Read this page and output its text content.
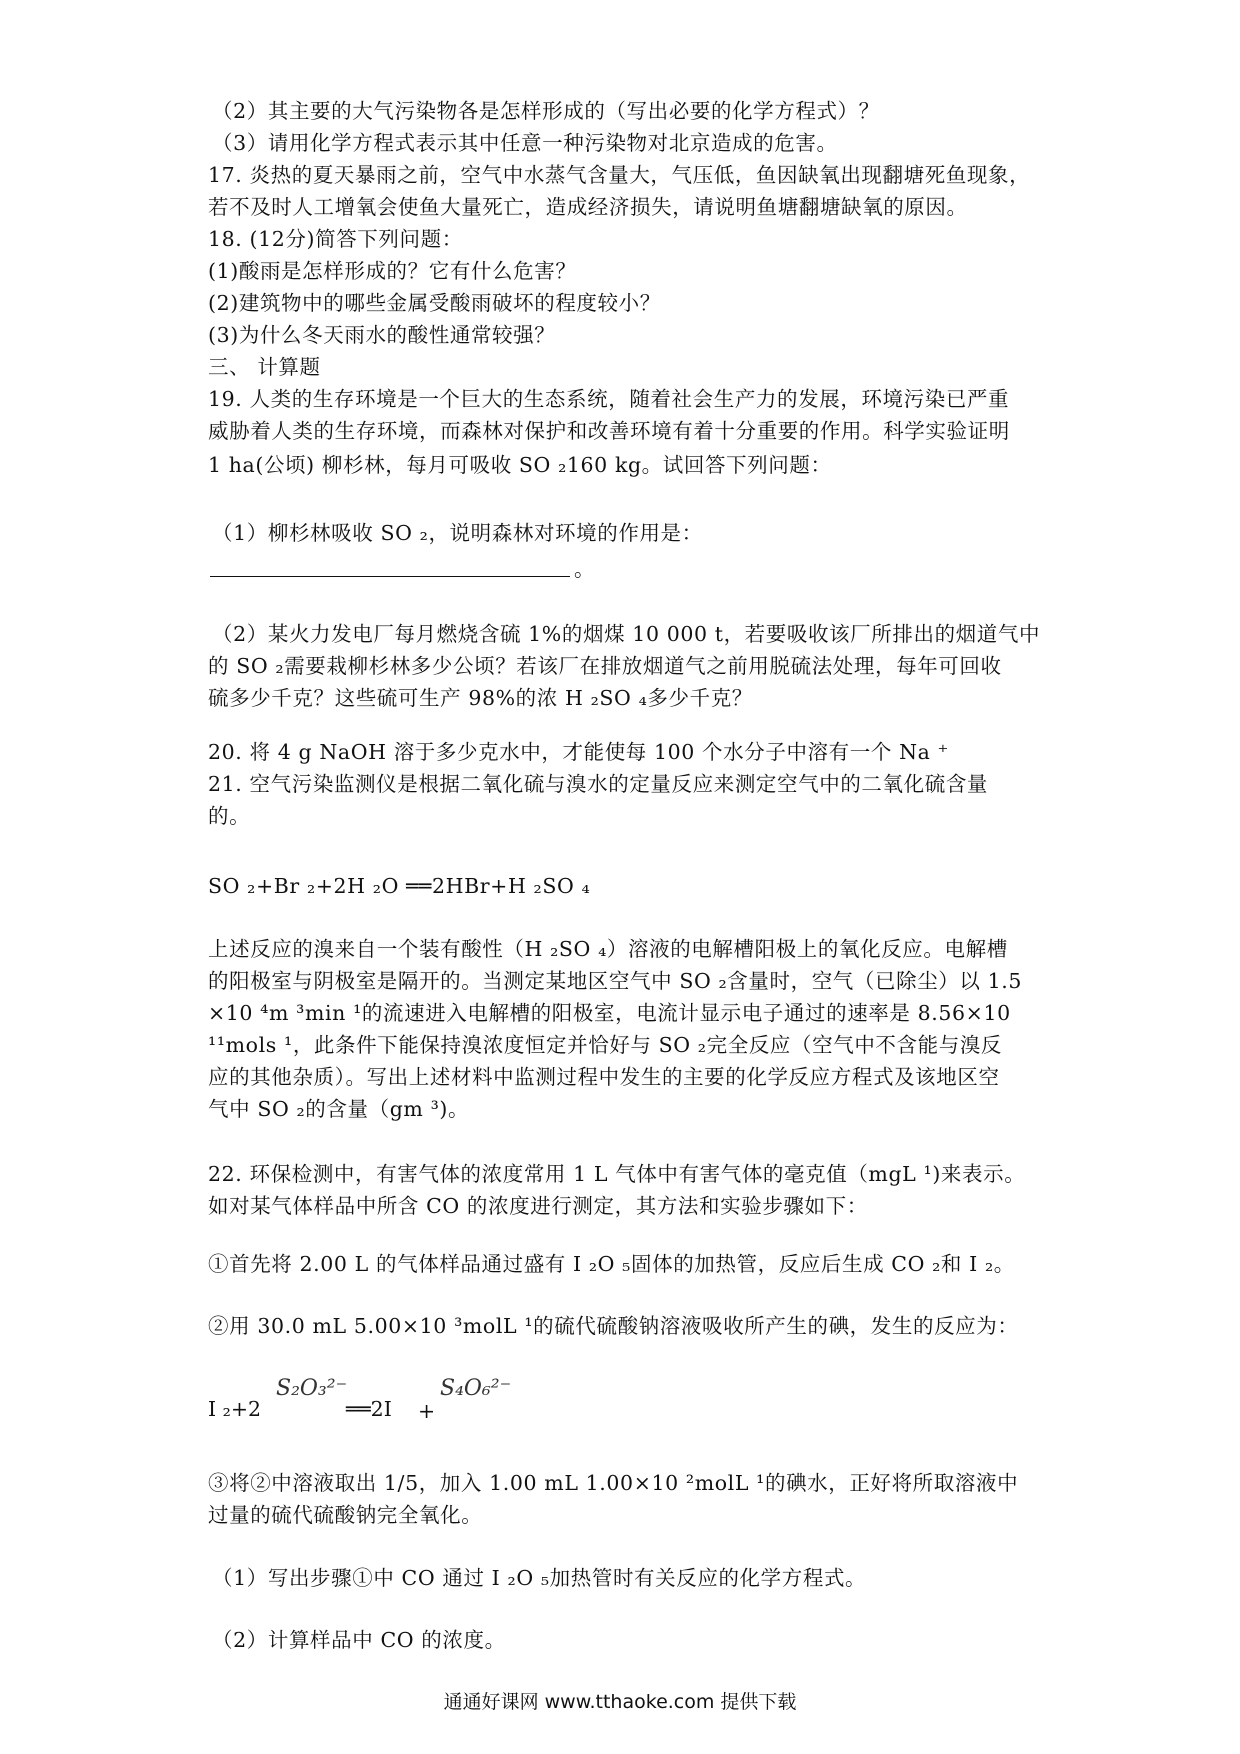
（2）其主要的大气污染物各是怎样形成的（写出必要的化学方程式）？
（3）请用化学方程式表示其中任意一种污染物对北京造成的危害。
17. 炎热的夏天暴雨之前，空气中水蒸气含量大，气压低，鱼因缺氧出现翻塘死鱼现象，
若不及时人工增氧会使鱼大量死亡，造成经济损失，请说明鱼塘翻塘缺氧的原因。
18. (12分)简答下列问题：
(1)酸雨是怎样形成的？它有什么危害？
(2)建筑物中的哪些金属受酸雨破坏的程度较小？
(3)为什么冬天雨水的酸性通常较强？
三、 计算题
19. 人类的生存环境是一个巨大的生态系统，随着社会生产力的发展，环境污染已严重
威胁着人类的生存环境，而森林对保护和改善环境有着十分重要的作用。科学实验证明
1 ha(公顷) 柳杉林，每月可吸收 SO ₂160 kg。试回答下列问题：
（1）柳杉林吸收 SO ₂，说明森林对环境的作用是：
。
（2）某火力发电厂每月燃烧含硫 1%的烟煤 10 000 t，若要吸收该厂所排出的烟道气中
的 SO ₂需要栽柳杉林多少公顷？若该厂在排放烟道气之前用脱硫法处理，每年可回收
硫多少千克？这些硫可生产 98%的浓 H ₂SO ₄多少千克？
20. 将 4 g NaOH 溶于多少克水中，才能使每 100 个水分子中溶有一个 Na ⁺
21. 空气污染监测仪是根据二氧化硫与溴水的定量反应来测定空气中的二氧化硫含量
的。
SO ₂+Br ₂+2H ₂O ══2HBr+H ₂SO ₄
上述反应的溴来自一个装有酸性（H ₂SO ₄）溶液的电解槽阳极上的氧化反应。电解槽
的阳极室与阴极室是隔开的。当测定某地区空气中 SO ₂含量时，空气（已除尘）以 1.5
×10 ⁴m ³min ¹的流速进入电解槽的阳极室，电流计显示电子通过的速率是 8.56×10
¹¹mols ¹，此条件下能保持溴浓度恒定并恰好与 SO ₂完全反应（空气中不含能与溴反
应的其他杂质）。写出上述材料中监测过程中发生的主要的化学反应方程式及该地区空
气中 SO ₂的含量（gm ³)。
22. 环保检测中，有害气体的浓度常用 1 L 气体中有害气体的毫克值（mgL ¹)来表示。
如对某气体样品中所含 CO 的浓度进行测定，其方法和实验步骤如下：
①首先将 2.00 L 的气体样品通过盛有 I ₂O ₅固体的加热管，反应后生成 CO ₂和 I ₂。
②用 30.0 mL 5.00×10 ³molL ¹的硫代硫酸钠溶液吸收所产生的碘，发生的反应为：
I ₂+2
S₂O₃²⁻
══2I +
S₄O₆²⁻
③将②中溶液取出 1/5，加入 1.00 mL 1.00×10 ²molL ¹的碘水，正好将所取溶液中
过量的硫代硫酸钠完全氧化。
（1）写出步骤①中 CO 通过 I ₂O ₅加热管时有关反应的化学方程式。
（2）计算样品中 CO 的浓度。
通通好课网 www.tthaoke.com 提供下载
